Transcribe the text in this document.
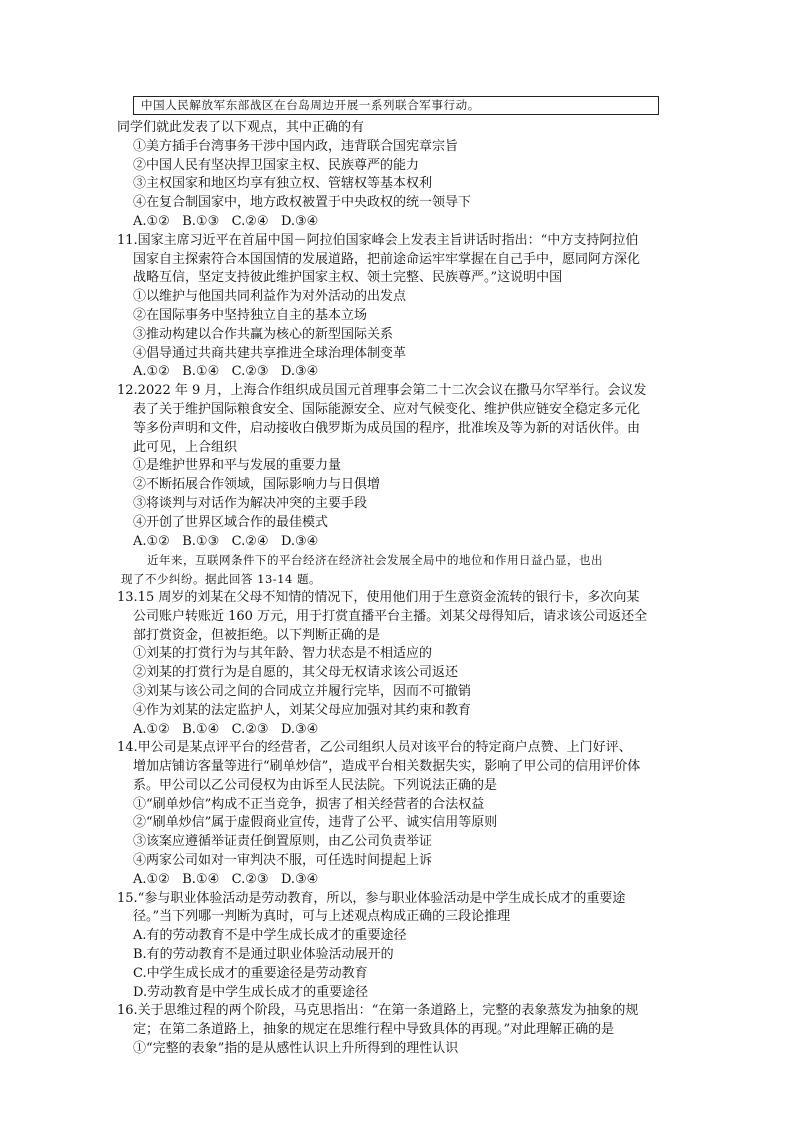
中国人民解放军东部战区在台岛周边开展一系列联合军事行动。
同学们就此发表了以下观点，其中正确的有
①美方插手台湾事务干涉中国内政，违背联合国宪章宗旨
②中国人民有坚决捍卫国家主权、民族尊严的能力
③主权国家和地区均享有独立权、管辖权等基本权利
④在复合制国家中，地方政权被置于中央政权的统一领导下
A.①②   B.①③   C.②④   D.③④
11.国家主席习近平在首届中国－阿拉伯国家峰会上发表主旨讲话时指出：“中方支持阿拉伯
国家自主探索符合本国国情的发展道路，把前途命运牢牢掌握在自己手中，愿同阿方深化
战略互信，坚定支持彼此维护国家主权、领土完整、民族尊严。”这说明中国
①以维护与他国共同利益作为对外活动的出发点
②在国际事务中坚持独立自主的基本立场
③推动构建以合作共赢为核心的新型国际关系
④倡导通过共商共建共享推进全球治理体制变革
A.①②   B.①④   C.②③   D.③④
12.2022 年 9 月，上海合作组织成员国元首理事会第二十二次会议在撒马尔罕举行。会议发
表了关于维护国际粮食安全、国际能源安全、应对气候变化、维护供应链安全稳定多元化
等多份声明和文件，启动接收白俄罗斯为成员国的程序，批准埃及等为新的对话伙伴。由
此可见，上合组织
①是维护世界和平与发展的重要力量
②不断拓展合作领域，国际影响力与日俱增
③将谈判与对话作为解决冲突的主要手段
④开创了世界区域合作的最佳模式
A.①②   B.①③   C.②④   D.③④
近年来，互联网条件下的平台经济在经济社会发展全局中的地位和作用日益凸显，也出
现了不少纠纷。据此回答 13-14 题。
13.15 周岁的刘某在父母不知情的情况下，使用他们用于生意资金流转的银行卡，多次向某
公司账户转账近 160 万元，用于打赏直播平台主播。刘某父母得知后，请求该公司返还全
部打赏资金，但被拒绝。以下判断正确的是
①刘某的打赏行为与其年龄、智力状态是不相适应的
②刘某的打赏行为是自愿的，其父母无权请求该公司返还
③刘某与该公司之间的合同成立并履行完毕，因而不可撤销
④作为刘某的法定监护人，刘某父母应加强对其约束和教育
A.①②   B.①④   C.②③   D.③④
14.甲公司是某点评平台的经营者，乙公司组织人员对该平台的特定商户点赞、上门好评、
增加店铺访客量等进行“刷单炒信”，造成平台相关数据失实，影响了甲公司的信用评价体
系。甲公司以乙公司侵权为由诉至人民法院。下列说法正确的是
①“刷单炒信”构成不正当竞争，损害了相关经营者的合法权益
②“刷单炒信”属于虚假商业宣传，违背了公平、诚实信用等原则
③该案应遵循举证责任倒置原则，由乙公司负责举证
④两家公司如对一审判决不服，可任选时间提起上诉
A.①②   B.①④   C.②③   D.③④
15.“参与职业体验活动是劳动教育，所以，参与职业体验活动是中学生成长成才的重要途
径。”当下列哪一判断为真时，可与上述观点构成正确的三段论推理
A.有的劳动教育不是中学生成长成才的重要途径
B.有的劳动教育不是通过职业体验活动展开的
C.中学生成长成才的重要途径是劳动教育
D.劳动教育是中学生成长成才的重要途径
16.关于思维过程的两个阶段，马克思指出：“在第一条道路上，完整的表象蒸发为抽象的规
定；在第二条道路上，抽象的规定在思维行程中导致具体的再现。”对此理解正确的是
①“完整的表象”指的是从感性认识上升所得到的理性认识
